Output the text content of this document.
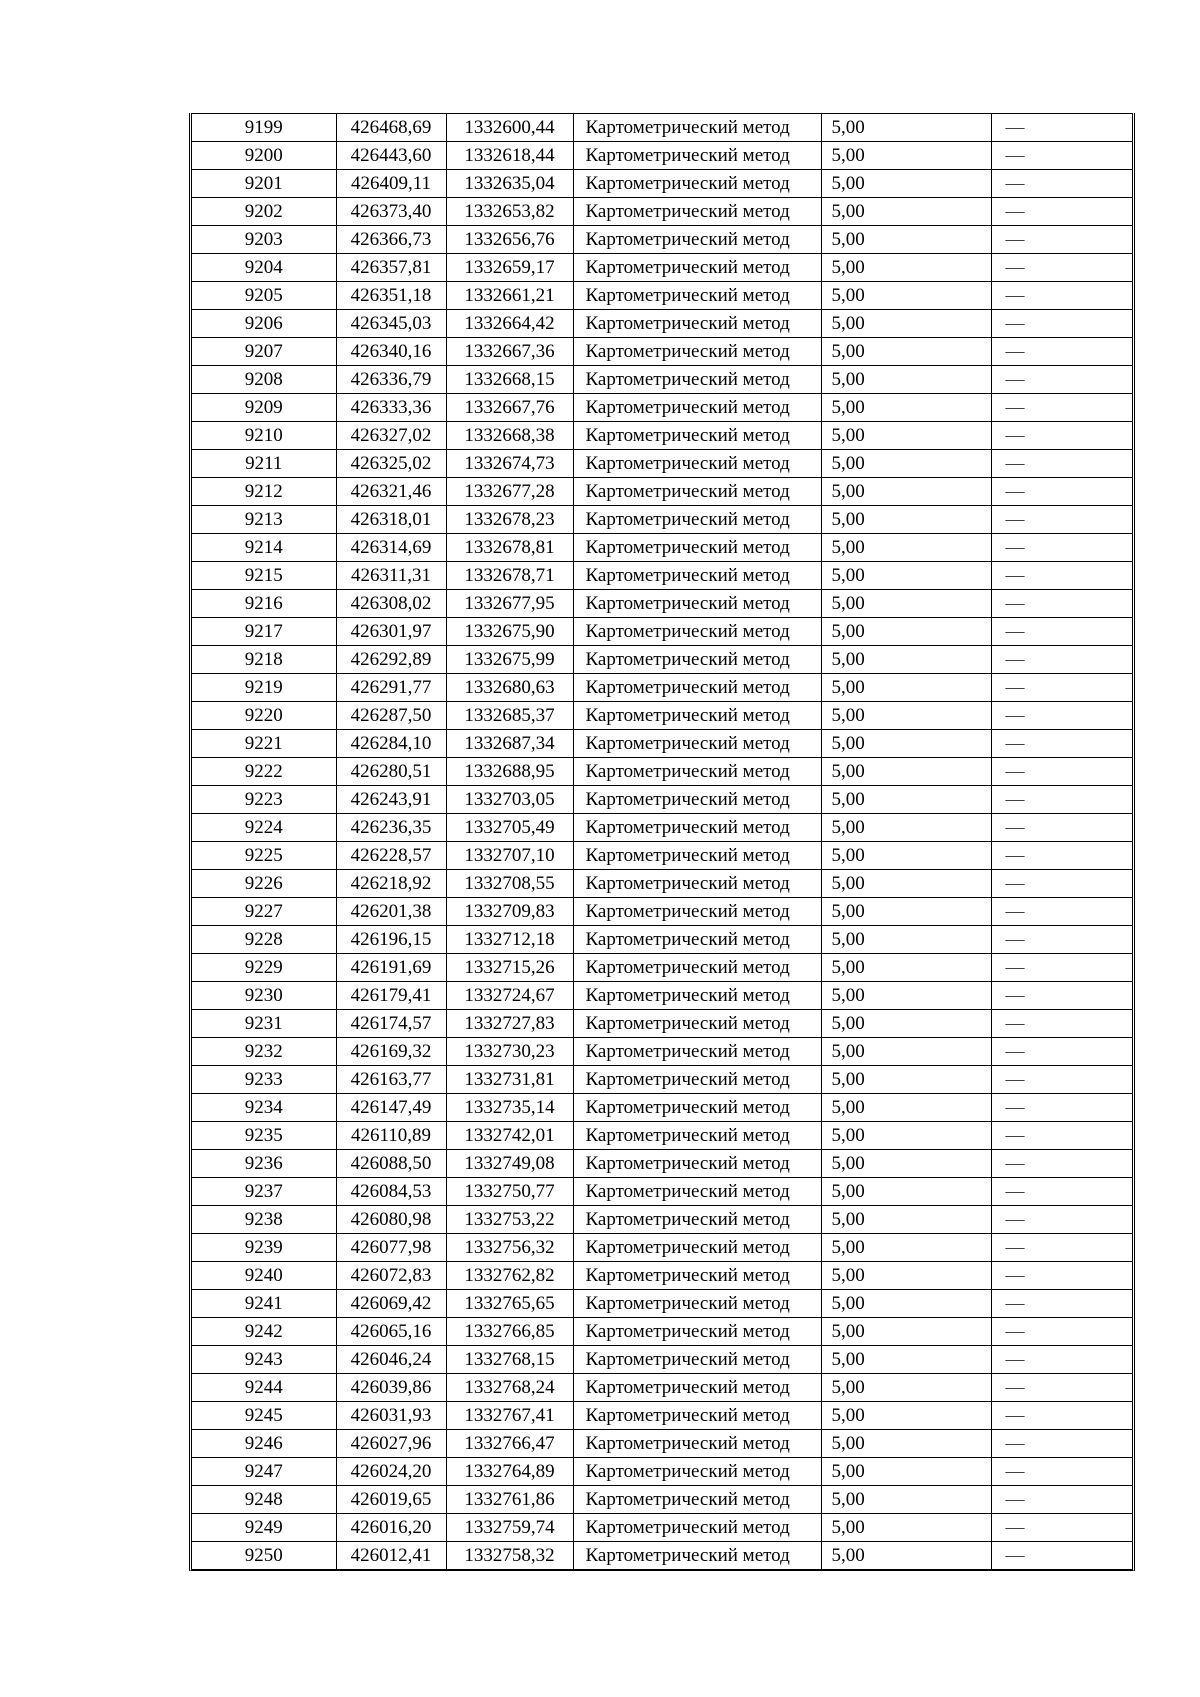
9199	426468,69	1332600,44	Картометрический метод	5,00	—
9200	426443,60	1332618,44	Картометрический метод	5,00	—
9201	426409,11	1332635,04	Картометрический метод	5,00	—
9202	426373,40	1332653,82	Картометрический метод	5,00	—
9203	426366,73	1332656,76	Картометрический метод	5,00	—
9204	426357,81	1332659,17	Картометрический метод	5,00	—
9205	426351,18	1332661,21	Картометрический метод	5,00	—
9206	426345,03	1332664,42	Картометрический метод	5,00	—
9207	426340,16	1332667,36	Картометрический метод	5,00	—
9208	426336,79	1332668,15	Картометрический метод	5,00	—
9209	426333,36	1332667,76	Картометрический метод	5,00	—
9210	426327,02	1332668,38	Картометрический метод	5,00	—
9211	426325,02	1332674,73	Картометрический метод	5,00	—
9212	426321,46	1332677,28	Картометрический метод	5,00	—
9213	426318,01	1332678,23	Картометрический метод	5,00	—
9214	426314,69	1332678,81	Картометрический метод	5,00	—
9215	426311,31	1332678,71	Картометрический метод	5,00	—
9216	426308,02	1332677,95	Картометрический метод	5,00	—
9217	426301,97	1332675,90	Картометрический метод	5,00	—
9218	426292,89	1332675,99	Картометрический метод	5,00	—
9219	426291,77	1332680,63	Картометрический метод	5,00	—
9220	426287,50	1332685,37	Картометрический метод	5,00	—
9221	426284,10	1332687,34	Картометрический метод	5,00	—
9222	426280,51	1332688,95	Картометрический метод	5,00	—
9223	426243,91	1332703,05	Картометрический метод	5,00	—
9224	426236,35	1332705,49	Картометрический метод	5,00	—
9225	426228,57	1332707,10	Картометрический метод	5,00	—
9226	426218,92	1332708,55	Картометрический метод	5,00	—
9227	426201,38	1332709,83	Картометрический метод	5,00	—
9228	426196,15	1332712,18	Картометрический метод	5,00	—
9229	426191,69	1332715,26	Картометрический метод	5,00	—
9230	426179,41	1332724,67	Картометрический метод	5,00	—
9231	426174,57	1332727,83	Картометрический метод	5,00	—
9232	426169,32	1332730,23	Картометрический метод	5,00	—
9233	426163,77	1332731,81	Картометрический метод	5,00	—
9234	426147,49	1332735,14	Картометрический метод	5,00	—
9235	426110,89	1332742,01	Картометрический метод	5,00	—
9236	426088,50	1332749,08	Картометрический метод	5,00	—
9237	426084,53	1332750,77	Картометрический метод	5,00	—
9238	426080,98	1332753,22	Картометрический метод	5,00	—
9239	426077,98	1332756,32	Картометрический метод	5,00	—
9240	426072,83	1332762,82	Картометрический метод	5,00	—
9241	426069,42	1332765,65	Картометрический метод	5,00	—
9242	426065,16	1332766,85	Картометрический метод	5,00	—
9243	426046,24	1332768,15	Картометрический метод	5,00	—
9244	426039,86	1332768,24	Картометрический метод	5,00	—
9245	426031,93	1332767,41	Картометрический метод	5,00	—
9246	426027,96	1332766,47	Картометрический метод	5,00	—
9247	426024,20	1332764,89	Картометрический метод	5,00	—
9248	426019,65	1332761,86	Картометрический метод	5,00	—
9249	426016,20	1332759,74	Картометрический метод	5,00	—
9250	426012,41	1332758,32	Картометрический метод	5,00	—
